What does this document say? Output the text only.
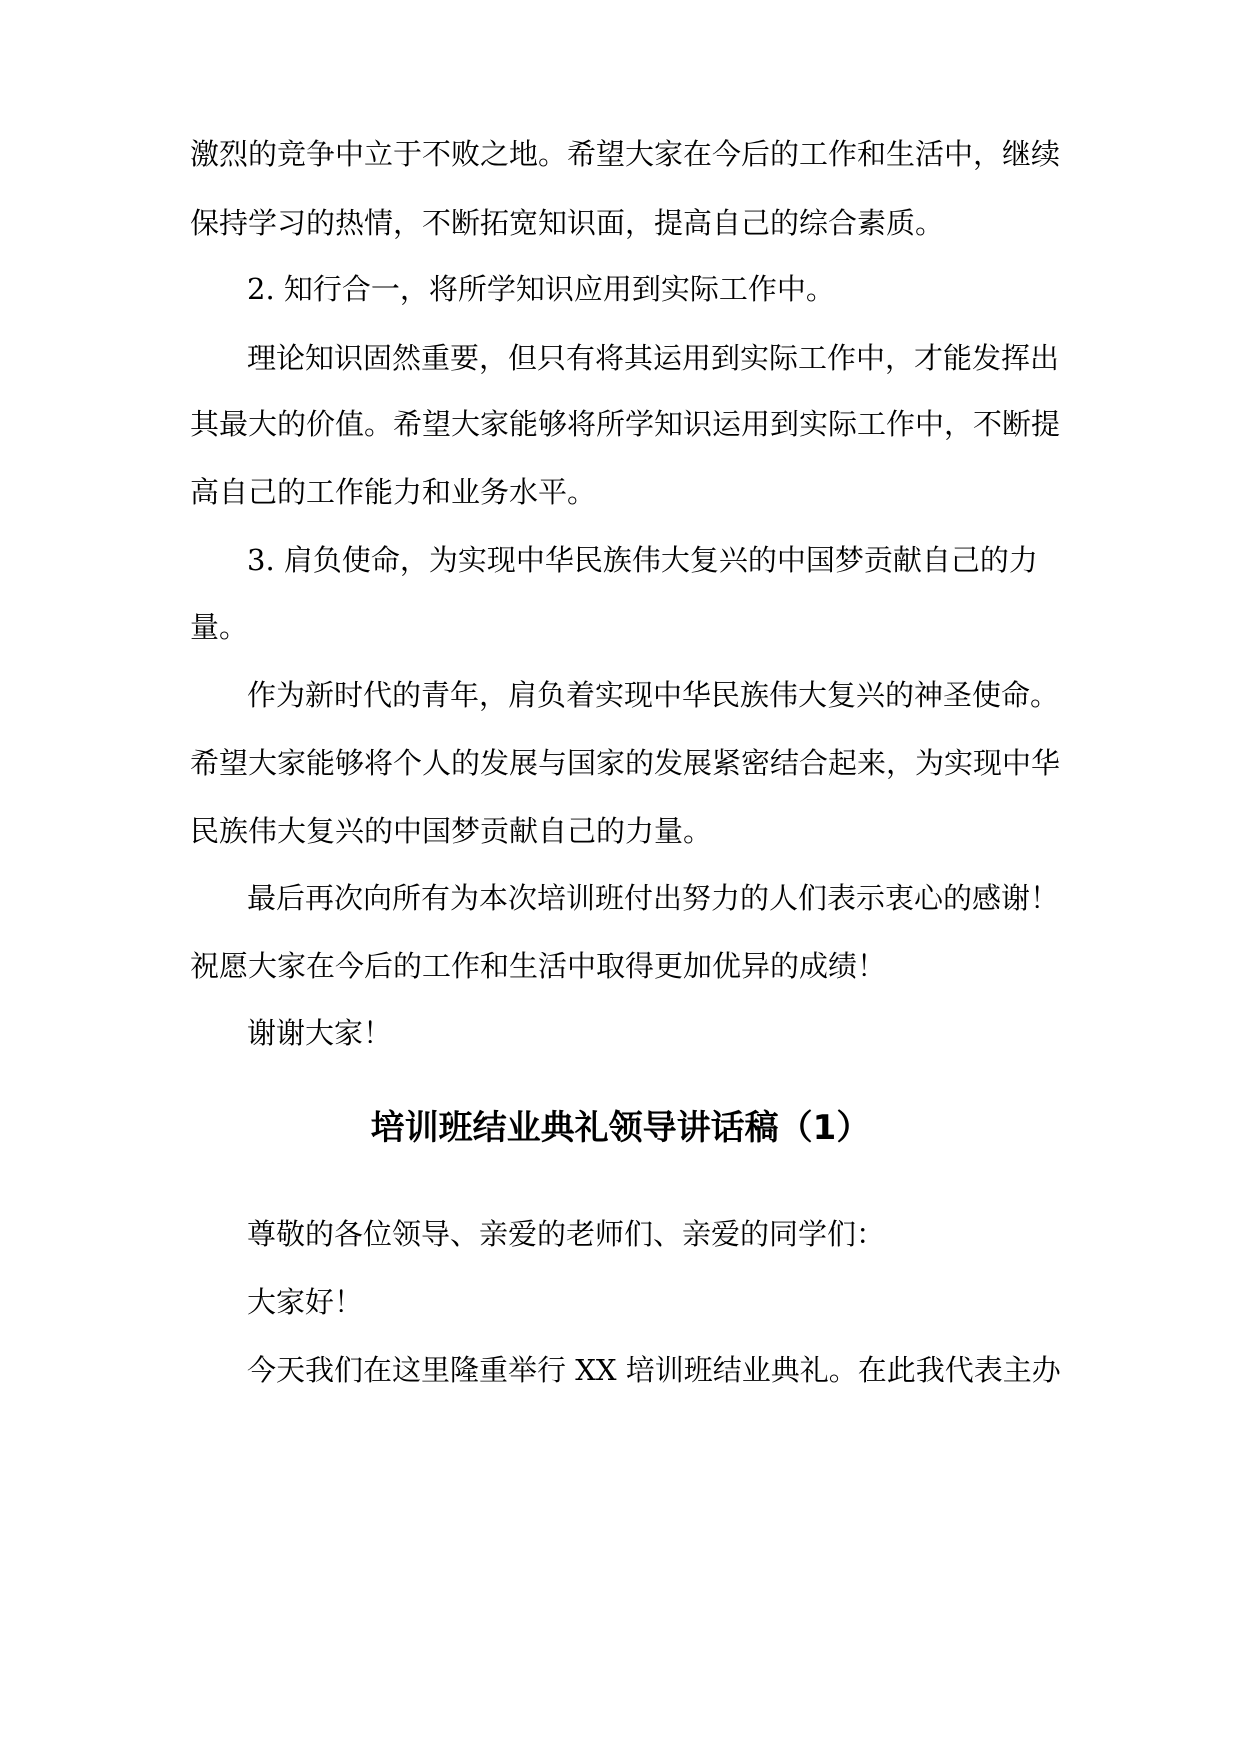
激烈的竞争中立于不败之地。希望大家在今后的工作和生活中，继续
保持学习的热情，不断拓宽知识面，提高自己的综合素质。
2. 知行合一，将所学知识应用到实际工作中。
理论知识固然重要，但只有将其运用到实际工作中，才能发挥出
其最大的价值。希望大家能够将所学知识运用到实际工作中，不断提
高自己的工作能力和业务水平。
3. 肩负使命，为实现中华民族伟大复兴的中国梦贡献自己的力
量。
作为新时代的青年，肩负着实现中华民族伟大复兴的神圣使命。
希望大家能够将个人的发展与国家的发展紧密结合起来，为实现中华
民族伟大复兴的中国梦贡献自己的力量。
最后再次向所有为本次培训班付出努力的人们表示衷心的感谢！
祝愿大家在今后的工作和生活中取得更加优异的成绩！
谢谢大家！
培训班结业典礼领导讲话稿（1）
尊敬的各位领导、亲爱的老师们、亲爱的同学们：
大家好！
今天我们在这里隆重举行 XX 培训班结业典礼。在此我代表主办
